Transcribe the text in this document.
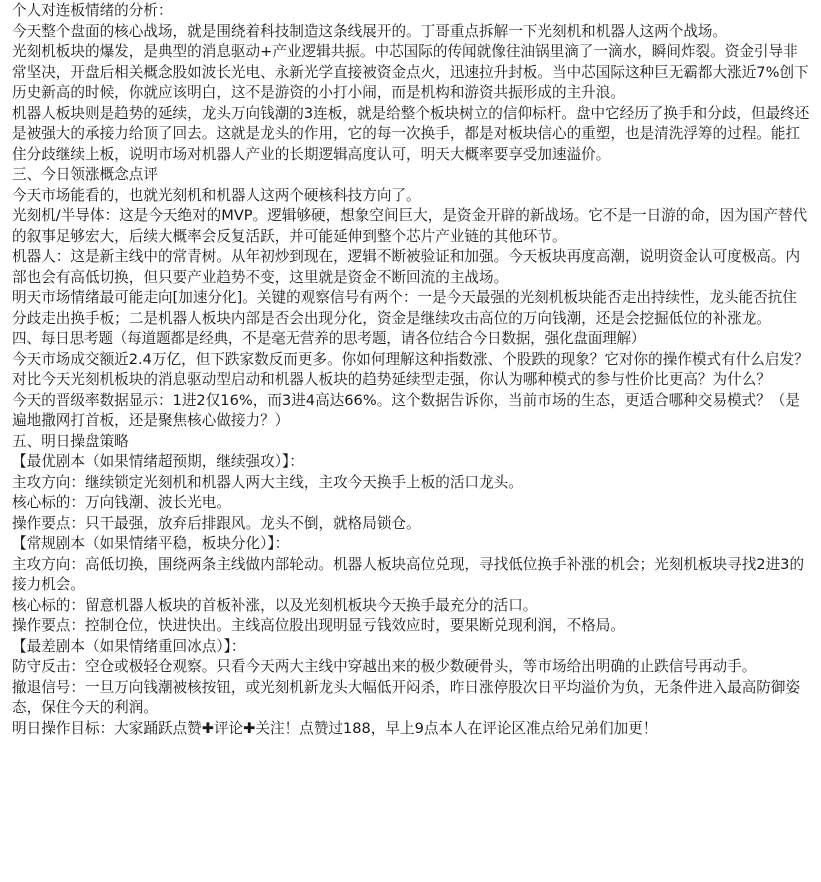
个人对连板情绪的分析：

今天整个盘面的核心战场，就是围绕着科技制造这条线展开的。丁哥重点拆解一下光刻机和机器人这两个战场。

光刻机板块的爆发，是典型的消息驱动+产业逻辑共振。中芯国际的传闻就像往油锅里滴了一滴水，瞬间炸裂。资金引导非常坚决，开盘后相关概念股如波长光电、永新光学直接被资金点火，迅速拉升封板。当中芯国际这种巨无霸都大涨近7%创下历史新高的时候，你就应该明白，这不是游资的小打小闹，而是机构和游资共振形成的主升浪。

机器人板块则是趋势的延续，龙头万向钱潮的3连板，就是给整个板块树立的信仰标杆。盘中它经历了换手和分歧，但最终还是被强大的承接力给顶了回去。这就是龙头的作用，它的每一次换手，都是对板块信心的重塑，也是清洗浮筹的过程。能扛住分歧继续上板，说明市场对机器人产业的长期逻辑高度认可，明天大概率要享受加速溢价。

三、今日领涨概念点评

今天市场能看的，也就光刻机和机器人这两个硬核科技方向了。

光刻机/半导体：这是今天绝对的MVP。逻辑够硬，想象空间巨大，是资金开辟的新战场。它不是一日游的命，因为国产替代的叙事足够宏大，后续大概率会反复活跃，并可能延伸到整个芯片产业链的其他环节。

机器人：这是新主线中的常青树。从年初炒到现在，逻辑不断被验证和加强。今天板块再度高潮，说明资金认可度极高。内部也会有高低切换，但只要产业趋势不变，这里就是资金不断回流的主战场。

明天市场情绪最可能走向[加速分化]。关键的观察信号有两个：一是今天最强的光刻机板块能否走出持续性，龙头能否抗住分歧走出换手板；二是机器人板块内部是否会出现分化，资金是继续攻击高位的万向钱潮，还是会挖掘低位的补涨龙。

四、每日思考题（每道题都是经典，不是毫无营养的思考题，请各位结合今日数据，强化盘面理解）

今天市场成交额近2.4万亿，但下跌家数反而更多。你如何理解这种指数涨、个股跌的现象？它对你的操作模式有什么启发？

对比今天光刻机板块的消息驱动型启动和机器人板块的趋势延续型走强，你认为哪种模式的参与性价比更高？为什么？

今天的晋级率数据显示：1进2仅16%，而3进4高达66%。这个数据告诉你，当前市场的生态，更适合哪种交易模式？（是遍地撒网打首板，还是聚焦核心做接力？）

五、明日操盘策略

【最优剧本（如果情绪超预期，继续强攻）】：

主攻方向：继续锁定光刻机和机器人两大主线，主攻今天换手上板的活口龙头。

核心标的：万向钱潮、波长光电。

操作要点：只干最强，放弃后排跟风。龙头不倒，就格局锁仓。

【常规剧本（如果情绪平稳，板块分化）】：

主攻方向：高低切换，围绕两条主线做内部轮动。机器人板块高位兑现，寻找低位换手补涨的机会；光刻机板块寻找2进3的接力机会。

核心标的：留意机器人板块的首板补涨，以及光刻机板块今天换手最充分的活口。

操作要点：控制仓位，快进快出。主线高位股出现明显亏钱效应时，要果断兑现利润，不格局。

【最差剧本（如果情绪重回冰点）】：

防守反击：空仓或极轻仓观察。只看今天两大主线中穿越出来的极少数硬骨头，等市场给出明确的止跌信号再动手。

撤退信号：一旦万向钱潮被核按钮，或光刻机新龙头大幅低开闷杀，昨日涨停股次日平均溢价为负，无条件进入最高防御姿态，保住今天的利润。

明日操作目标：大家踊跃点赞✚评论✚关注！点赞过188，早上9点本人在评论区准点给兄弟们加更！
